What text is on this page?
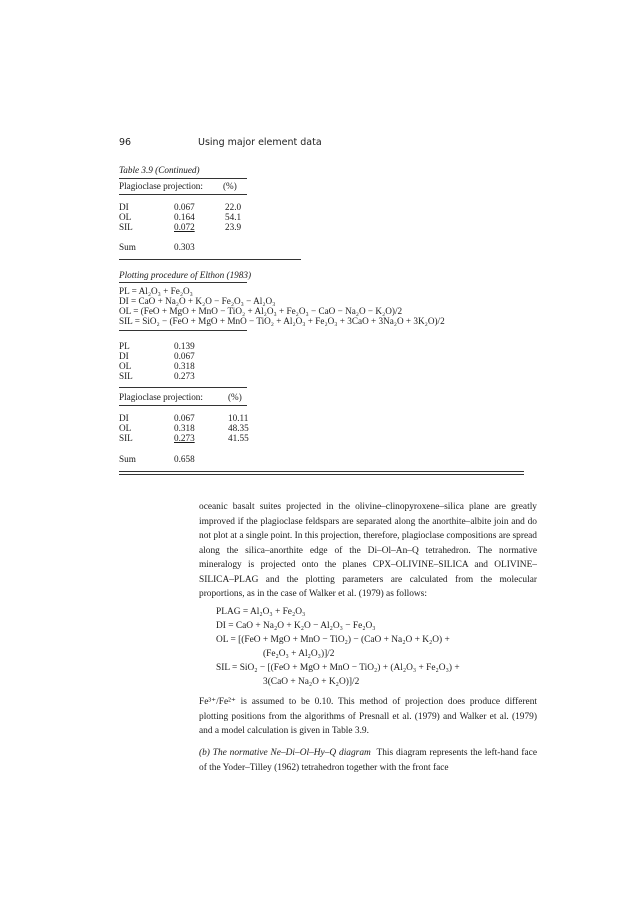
96	Using major element data
Table 3.9 (Continued)
Plagioclase projection: (%)
DI	0.067	22.0
OL	0.164	54.1
SIL	0.072	23.9
Sum	0.303
Plotting procedure of Elthon (1983)
PL = Al₂O₃ + Fe₂O₃
DI = CaO + Na₂O + K₂O − Fe₂O₃ − Al₂O₃
OL = (FeO + MgO + MnO − TiO₂ + Al₂O₃ + Fe₂O₃ − CaO − Na₂O − K₂O)/2
SIL = SiO₂ − (FeO + MgO + MnO − TiO₂ + Al₂O₃ + Fe₂O₃ + 3CaO + 3Na₂O + 3K₂O)/2
PL	0.139
DI	0.067
OL	0.318
SIL	0.273
Plagioclase projection:	(%)
DI	0.067	10.11
OL	0.318	48.35
SIL	0.273	41.55
Sum	0.658

oceanic basalt suites projected in the olivine–clinopyroxene–silica plane are greatly improved if the plagioclase feldspars are separated along the anorthite–albite join and do not plot at a single point. In this projection, therefore, plagioclase compositions are spread along the silica–anorthite edge of the Di–Ol–An–Q tetrahedron. The normative mineralogy is projected onto the planes CPX–OLIVINE–SILICA and OLIVINE–SILICA–PLAG and the plotting parameters are calculated from the molecular proportions, as in the case of Walker et al. (1979) as follows:

PLAG = Al₂O₃ + Fe₂O₃
DI = CaO + Na₂O + K₂O − Al₂O₃ − Fe₂O₃
OL = [(FeO + MgO + MnO − TiO₂) − (CaO + Na₂O + K₂O) +
(Fe₂O₃ + Al₂O₃)]/2
SIL = SiO₂ − [(FeO + MgO + MnO − TiO₂) + (Al₂O₃ + Fe₂O₃) +
3(CaO + Na₂O + K₂O)]/2

Fe³⁺/Fe²⁺ is assumed to be 0.10. This method of projection does produce different plotting positions from the algorithms of Presnall et al. (1979) and Walker et al. (1979) and a model calculation is given in Table 3.9.

(b) The normative Ne–Di–Ol–Hy–Q diagram This diagram represents the left-hand face of the Yoder–Tilley (1962) tetrahedron together with the front face
